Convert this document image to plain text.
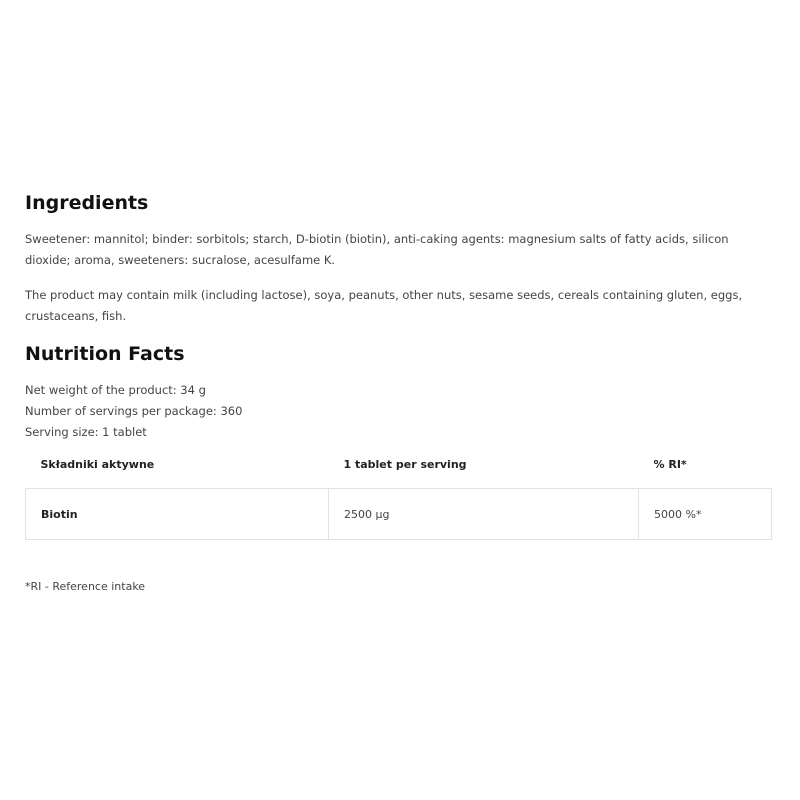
Ingredients

Sweetener: mannitol; binder: sorbitols; starch, D-biotin (biotin), anti-caking agents: magnesium salts of fatty acids, silicon dioxide; aroma, sweeteners: sucralose, acesulfame K.

The product may contain milk (including lactose), soya, peanuts, other nuts, sesame seeds, cereals containing gluten, eggs, crustaceans, fish.

Nutrition Facts
Net weight of the product: 34 g
Number of servings per package: 360
Serving size: 1 tablet
Składniki aktywne	1 tablet per serving	% RI*
Biotin	2500 µg	5000 %*
*RI - Reference intake
